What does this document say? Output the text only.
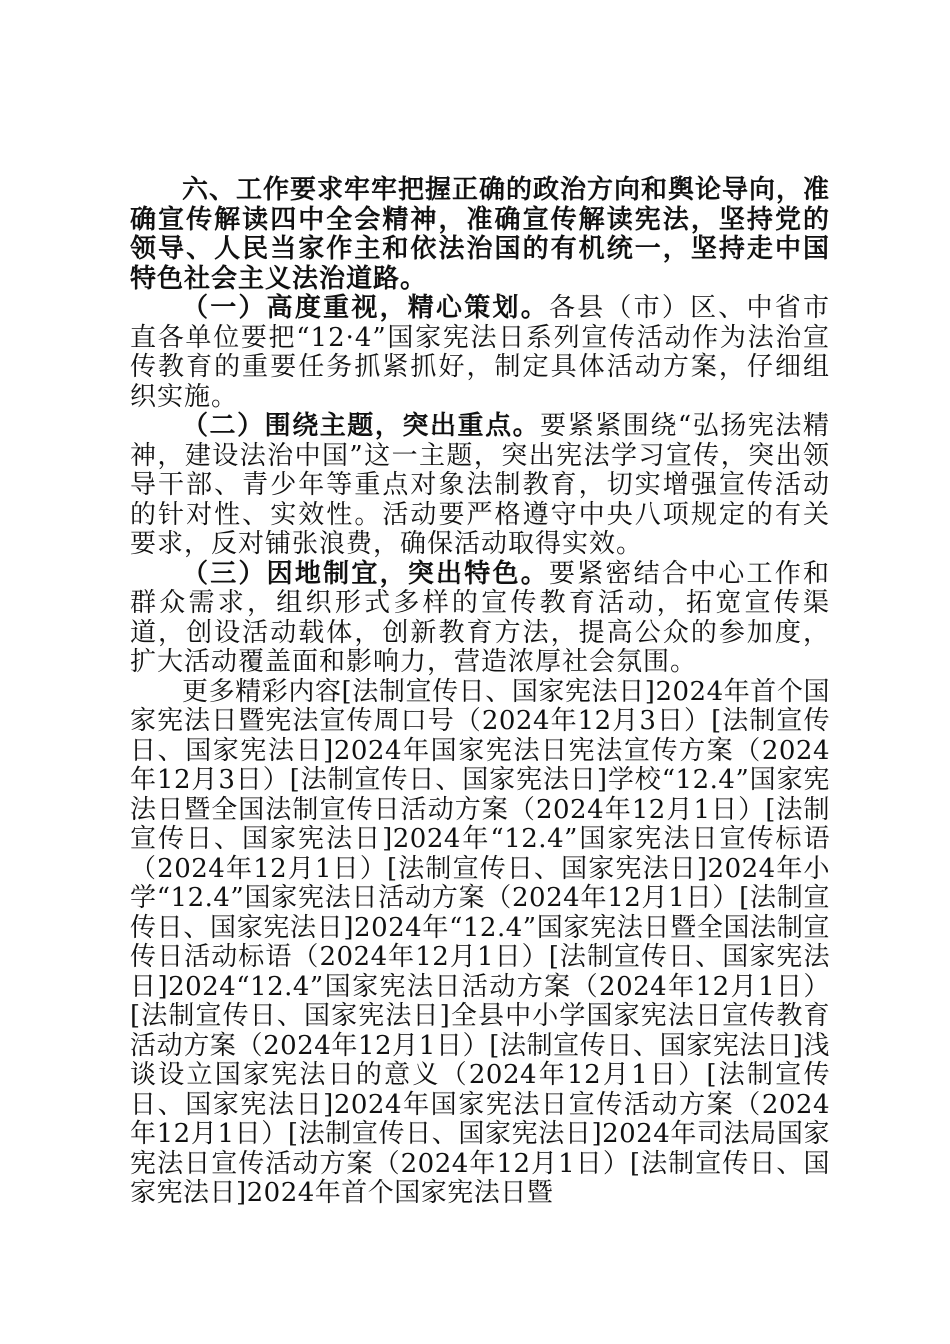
六、工作要求牢牢把握正确的政治方向和舆论导向，准确宣传解读四中全会精神，准确宣传解读宪法，坚持党的领导、人民当家作主和依法治国的有机统一，坚持走中国特色社会主义法治道路。

（一）高度重视，精心策划。各县（市）区、中省市直各单位要把“12·4”国家宪法日系列宣传活动作为法治宣传教育的重要任务抓紧抓好，制定具体活动方案，仔细组织实施。

（二）围绕主题，突出重点。要紧紧围绕“弘扬宪法精神，建设法治中国”这一主题，突出宪法学习宣传，突出领导干部、青少年等重点对象法制教育，切实增强宣传活动的针对性、实效性。活动要严格遵守中央八项规定的有关要求，反对铺张浪费，确保活动取得实效。

（三）因地制宜，突出特色。要紧密结合中心工作和群众需求，组织形式多样的宣传教育活动，拓宽宣传渠道，创设活动载体，创新教育方法，提高公众的参加度，扩大活动覆盖面和影响力，营造浓厚社会氛围。

更多精彩内容[法制宣传日、国家宪法日]2024年首个国家宪法日暨宪法宣传周口号（2024年12月3日）[法制宣传日、国家宪法日]2024年国家宪法日宪法宣传方案（2024年12月3日）[法制宣传日、国家宪法日]学校“12.4”国家宪法日暨全国法制宣传日活动方案（2024年12月1日）[法制宣传日、国家宪法日]2024年“12.4”国家宪法日宣传标语（2024年12月1日）[法制宣传日、国家宪法日]2024年小学“12.4”国家宪法日活动方案（2024年12月1日）[法制宣传日、国家宪法日]2024年“12.4”国家宪法日暨全国法制宣传日活动标语（2024年12月1日）[法制宣传日、国家宪法日]2024“12.4”国家宪法日活动方案（2024年12月1日）[法制宣传日、国家宪法日]全县中小学国家宪法日宣传教育活动方案（2024年12月1日）[法制宣传日、国家宪法日]浅谈设立国家宪法日的意义（2024年12月1日）[法制宣传日、国家宪法日]2024年国家宪法日宣传活动方案（2024年12月1日）[法制宣传日、国家宪法日]2024年司法局国家宪法日宣传活动方案（2024年12月1日）[法制宣传日、国家宪法日]2024年首个国家宪法日暨
